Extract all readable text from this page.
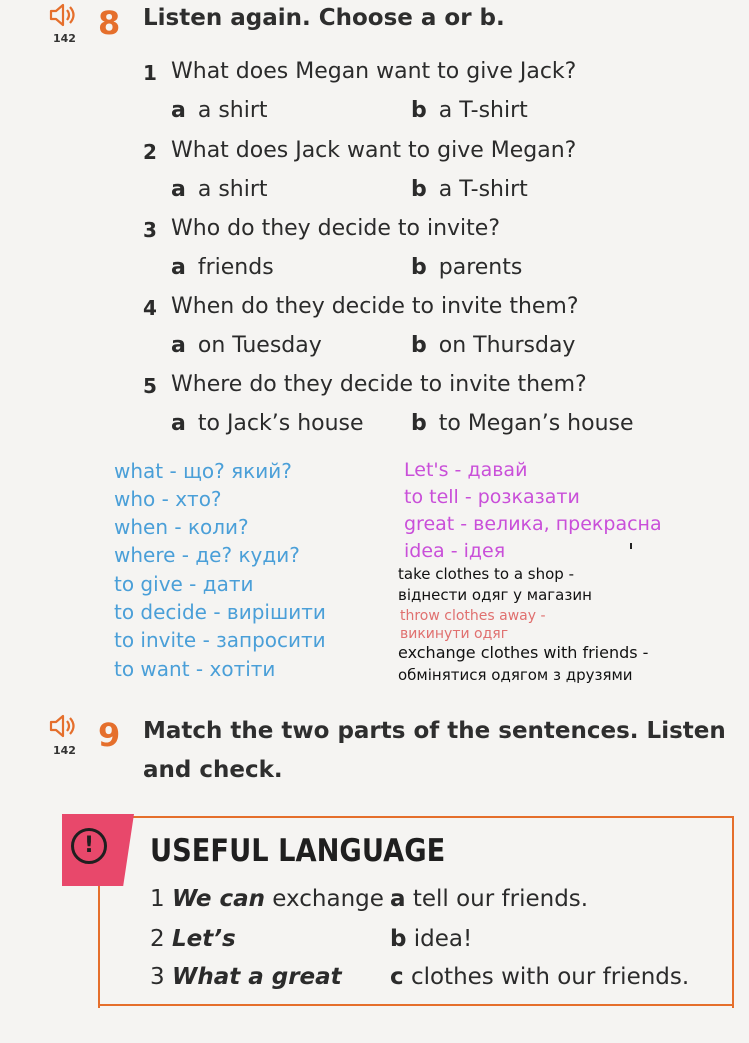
142 8 Listen again. Choose a or b.
1 What does Megan want to give Jack?
a a shirt	b a T-shirt
2 What does Jack want to give Megan?
a a shirt	b a T-shirt
3 Who do they decide to invite?
a friends	b parents
4 When do they decide to invite them?
a on Tuesday	b on Thursday
5 Where do they decide to invite them?
a to Jack’s house b to Megan’s house
what - що? який?
who - хто?
when - коли?
where - де? куди?
to give - дати
to decide - вирішити
to invite - запросити
to want - хотіти
Let's - давай
to tell - розказати
great - велика, прекрасна
idea - ідея
take clothes to a shop -
віднести одяг у магазин
throw clothes away -
викинути одяг
exchange clothes with friends -
обмінятися одягом з друзями
142 9 Match the two parts of the sentences. Listen
and check.
!	USEFUL LANGUAGE
1 We can exchange a tell our friends.
2 Let’s	b idea!
3 What a great c clothes with our friends.
